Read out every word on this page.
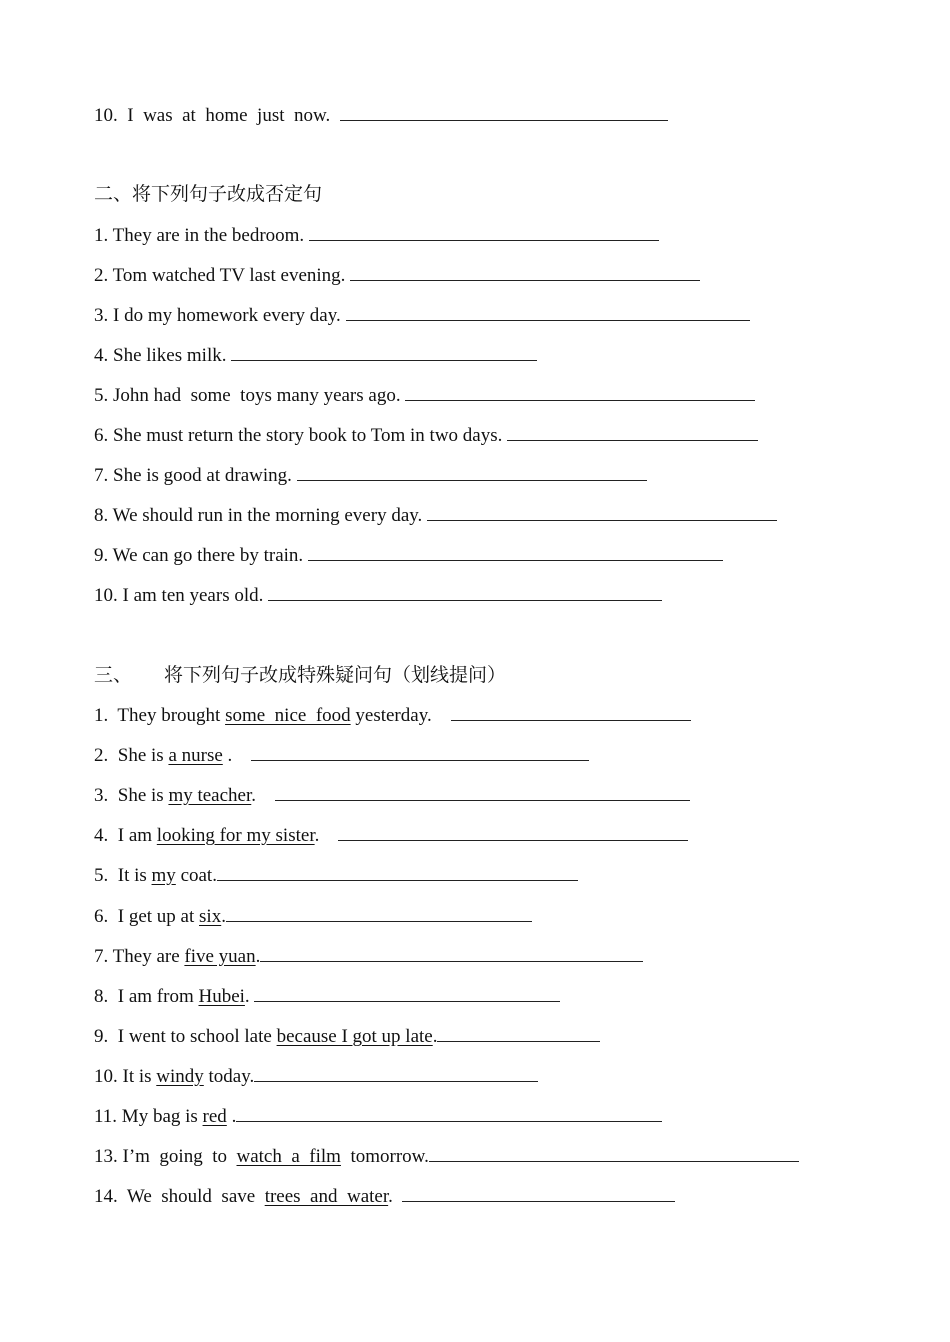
10.  I  was  at  home  just  now.

二、将下列句子改成否定句

1. They are in the bedroom.

2. Tom watched TV last evening.

3. I do my homework every day.

4. She likes milk.

5. John had  some  toys many years ago.

6. She must return the story book to Tom in two days.

7. She is good at drawing.

8. We should run in the morning every day.

9. We can go there by train.

10. I am ten years old.

三、 将下列句子改成特殊疑问句（划线提问）

1.  They brought some  nice  food yesterday.

2.  She is a nurse .

3.  She is my teacher.

4.  I am looking for my sister.

5.  It is my coat.

6.  I get up at six.

7. They are five yuan.

8.  I am from Hubei.

9.  I went to school late because I got up late.

10. It is windy today.

11. My bag is red .

13. I’m  going  to  watch  a  film  tomorrow.

14.  We  should  save  trees  and  water.
